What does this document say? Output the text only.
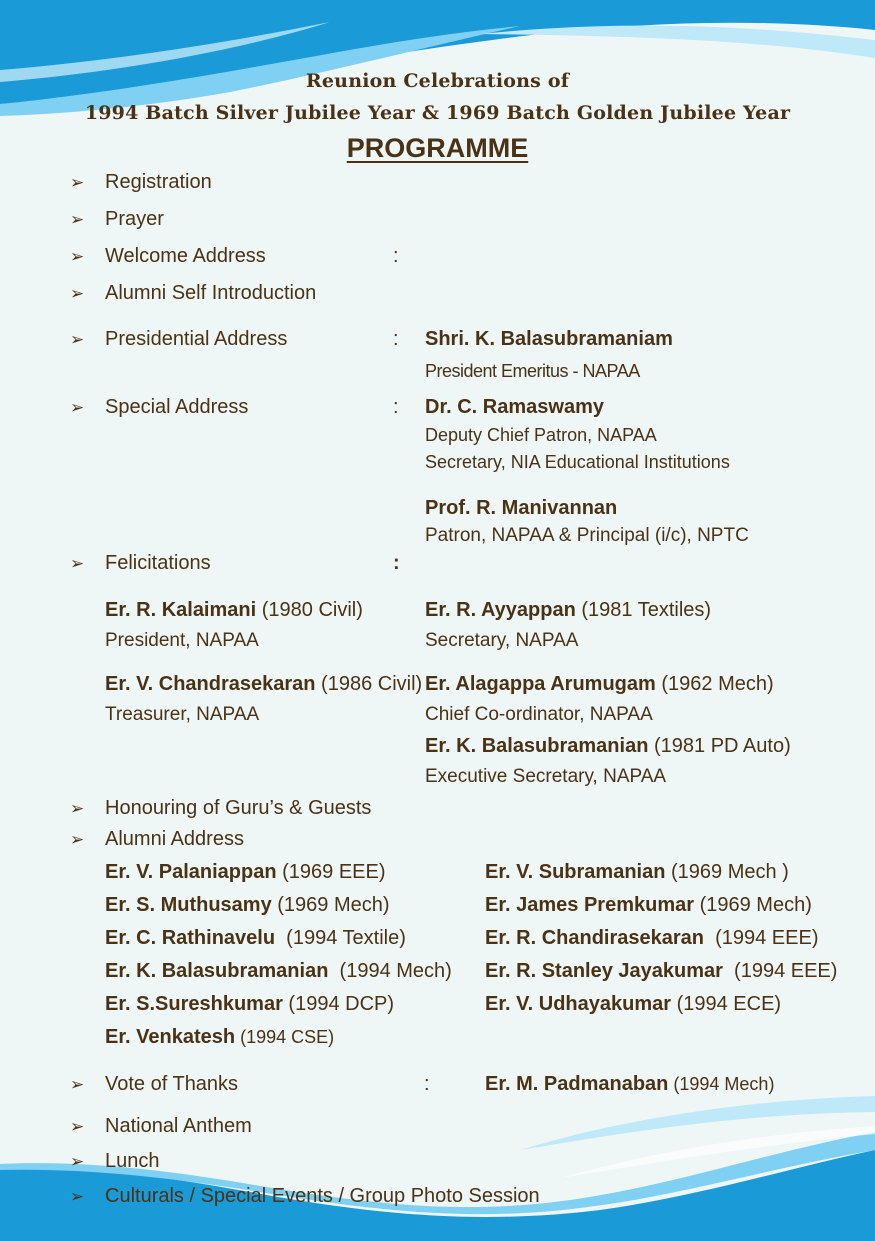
Reunion Celebrations of
1994 Batch Silver Jubilee Year & 1969 Batch Golden Jubilee Year
PROGRAMME
➢ Registration
➢ Prayer
➢ Welcome Address	:
➢ Alumni Self Introduction
➢ Presidential Address	: Shri. K. Balasubramaniam
President Emeritus - NAPAA
➢ Special Address	: Dr. C. Ramaswamy
Deputy Chief Patron, NAPAA
Secretary, NIA Educational Institutions
Prof. R. Manivannan
Patron, NAPAA & Principal (i/c), NPTC
➢ Felicitations	:
Er. R. Kalaimani (1980 Civil)
President, NAPAA
Er. R. Ayyappan (1981 Textiles)
Secretary, NAPAA
Er. V. Chandrasekaran (1986 Civil)
Treasurer, NAPAA
Er. Alagappa Arumugam (1962 Mech)
Chief Co-ordinator, NAPAA
Er. K. Balasubramanian (1981 PD Auto)
Executive Secretary, NAPAA
➢ Honouring of Guru’s & Guests
➢ Alumni Address
Er. V. Palaniappan (1969 EEE)	Er. V. Subramanian (1969 Mech )
Er. S. Muthusamy (1969 Mech)	Er. James Premkumar (1969 Mech)
Er. C. Rathinavelu  (1994 Textile)	Er. R. Chandirasekaran  (1994 EEE)
Er. K. Balasubramanian  (1994 Mech) Er. R. Stanley Jayakumar  (1994 EEE)
Er. S.Sureshkumar (1994 DCP)	Er. V. Udhayakumar (1994 ECE)
Er. Venkatesh (1994 CSE)
➢ Vote of Thanks	:	Er. M. Padmanaban (1994 Mech)
➢ National Anthem
➢ Lunch
➢ Culturals / Special Events / Group Photo Session
